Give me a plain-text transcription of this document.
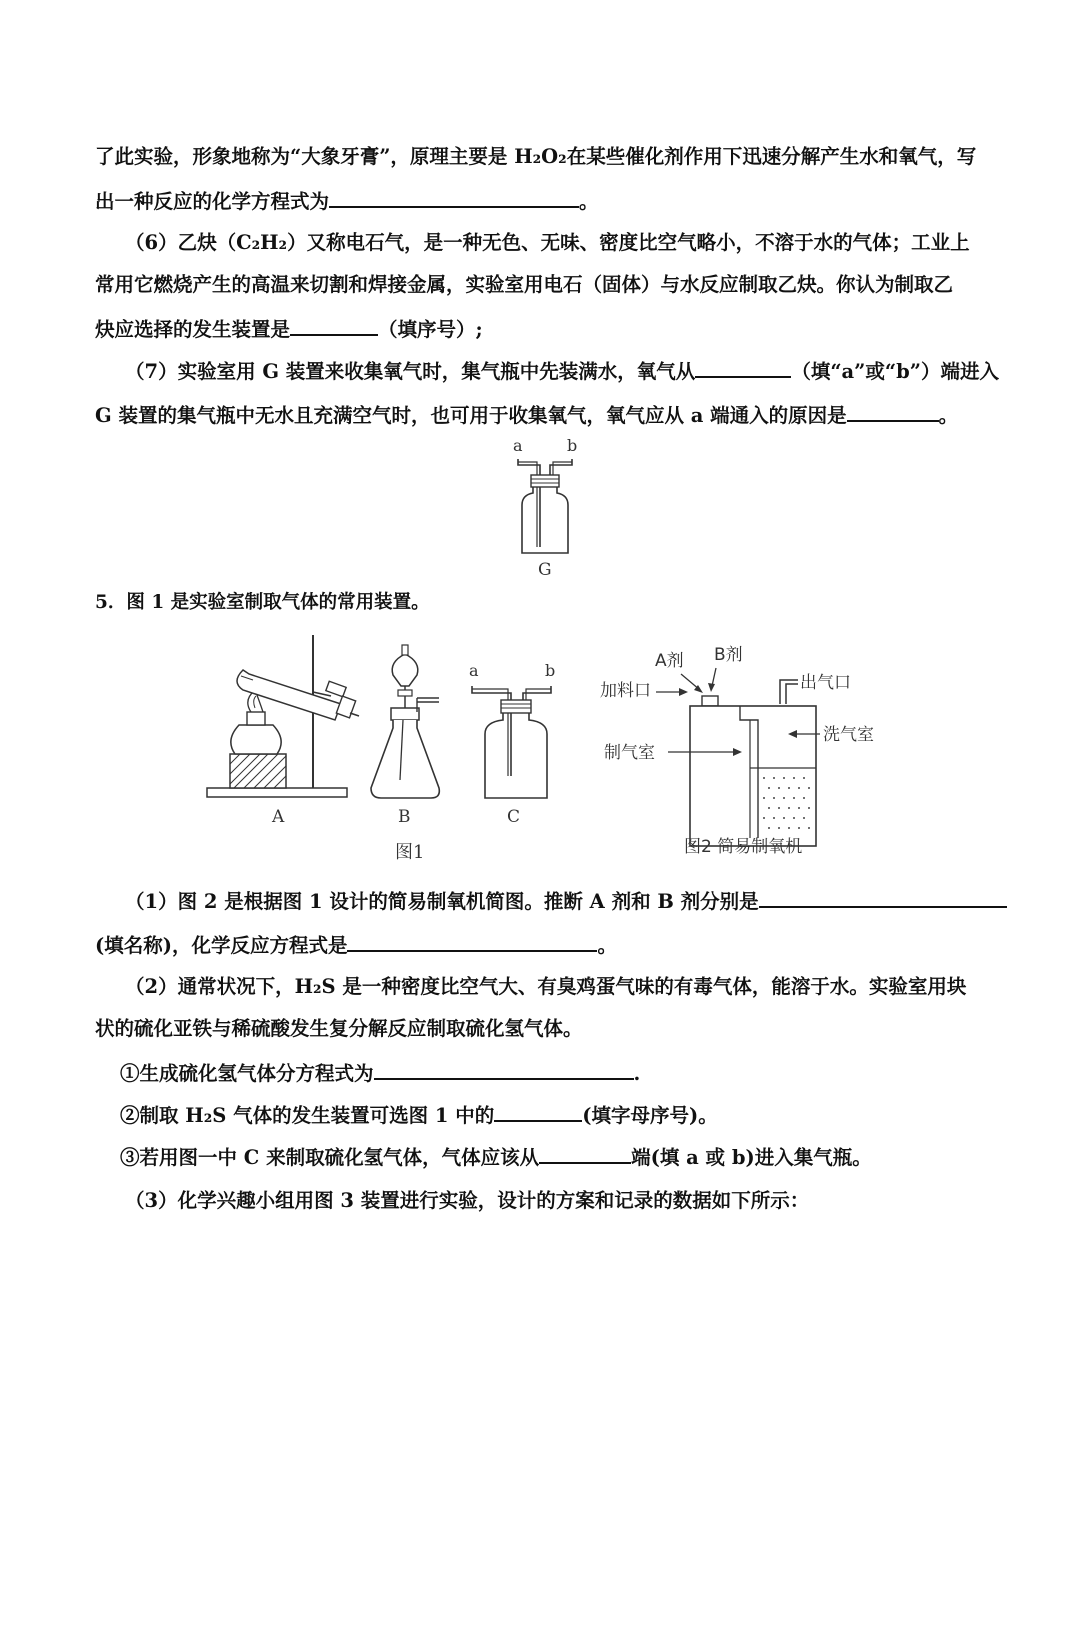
了此实验，形象地称为“大象牙膏”，原理主要是 H₂O₂在某些催化剂作用下迅速分解产生水和氧气，写
出一种反应的化学方程式为	。
（6）乙炔（C₂H₂）又称电石气，是一种无色、无味、密度比空气略小，不溶于水的气体；工业上
常用它燃烧产生的高温来切割和焊接金属，实验室用电石（固体）与水反应制取乙炔。你认为制取乙
炔应选择的发生装置是	（填序号）;
（7）实验室用 G 装置来收集氧气时，集气瓶中先装满水，氧气从	（填“a”或“b”）端进入
G 装置的集气瓶中无水且充满空气时，也可用于收集氧气，氧气应从 a 端通入的原因是	。
a	b
G
5．图 1 是实验室制取气体的常用装置。
A	B
a	b
C
图1
A剂 B剂
加料口	出气口
洗气室
制气室
图2 简易制氧机
（1）图 2 是根据图 1 设计的简易制氧机简图。推断 A 剂和 B 剂分别是
(填名称)，化学反应方程式是	。
（2）通常状况下，H₂S 是一种密度比空气大、有臭鸡蛋气味的有毒气体，能溶于水。实验室用块
状的硫化亚铁与稀硫酸发生复分解反应制取硫化氢气体。
①生成硫化氢气体分方程式为	.
②制取 H₂S 气体的发生装置可选图 1 中的	(填字母序号)。
③若用图一中 C 来制取硫化氢气体，气体应该从	端(填 a 或 b)进入集气瓶。
（3）化学兴趣小组用图 3 装置进行实验，设计的方案和记录的数据如下所示：
